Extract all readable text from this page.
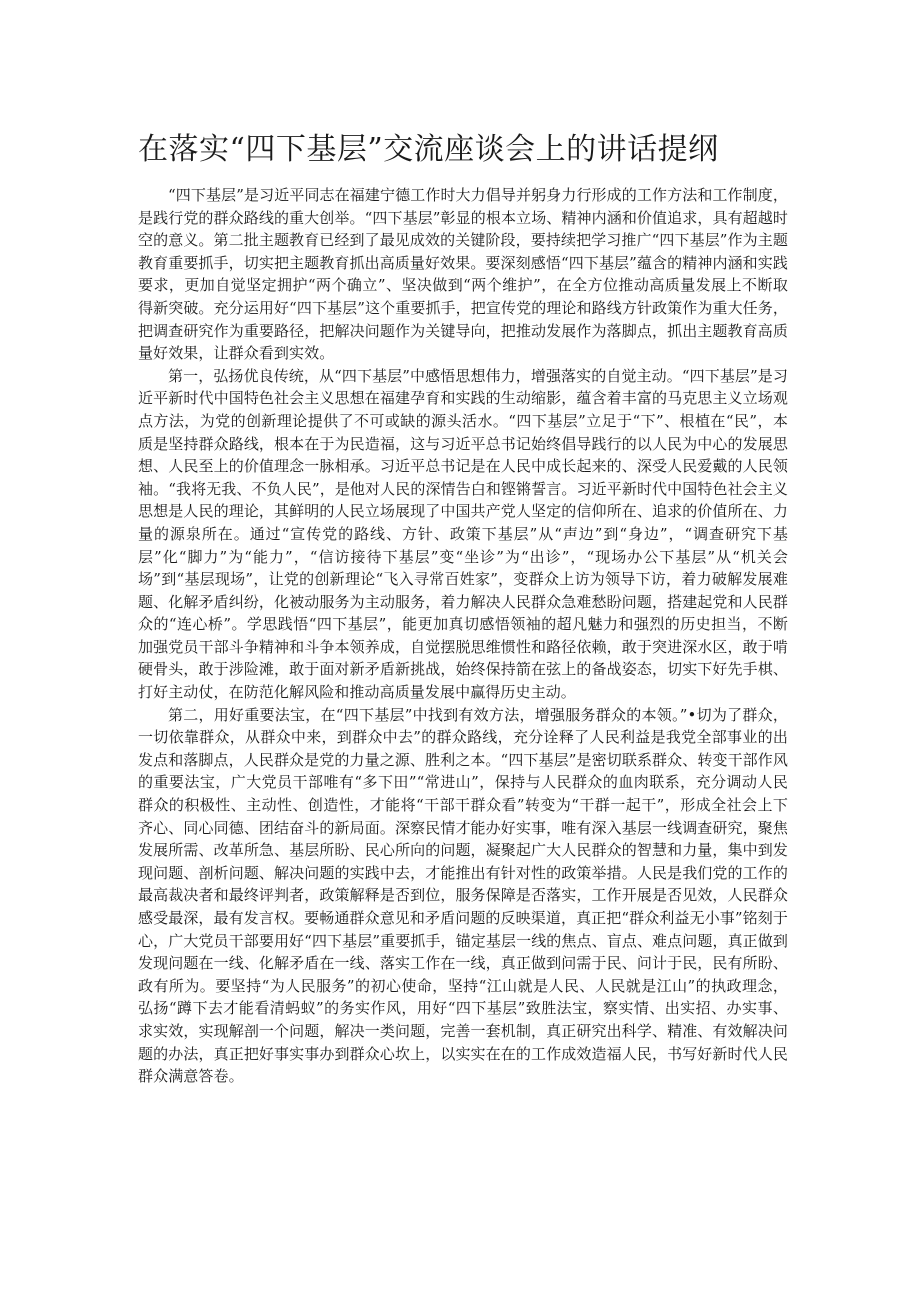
在落实“四下基层”交流座谈会上的讲话提纲

“四下基层”是习近平同志在福建宁德工作时大力倡导并躬身力行形成的工作方法和工作制度，是践行党的群众路线的重大创举。“四下基层”彰显的根本立场、精神内涵和价值追求，具有超越时空的意义。第二批主题教育已经到了最见成效的关键阶段，要持续把学习推广“四下基层”作为主题教育重要抓手，切实把主题教育抓出高质量好效果。要深刻感悟“四下基层”蕴含的精神内涵和实践要求，更加自觉坚定拥护“两个确立”、坚决做到“两个维护”，在全方位推动高质量发展上不断取得新突破。充分运用好“四下基层”这个重要抓手，把宣传党的理论和路线方针政策作为重大任务，把调查研究作为重要路径，把解决问题作为关键导向，把推动发展作为落脚点，抓出主题教育高质量好效果，让群众看到实效。

第一，弘扬优良传统，从“四下基层”中感悟思想伟力，增强落实的自觉主动。“四下基层”是习近平新时代中国特色社会主义思想在福建孕育和实践的生动缩影，蕴含着丰富的马克思主义立场观点方法，为党的创新理论提供了不可或缺的源头活水。“四下基层”立足于“下”、根植在“民”，本质是坚持群众路线，根本在于为民造福，这与习近平总书记始终倡导践行的以人民为中心的发展思想、人民至上的价值理念一脉相承。习近平总书记是在人民中成长起来的、深受人民爱戴的人民领袖。“我将无我、不负人民”，是他对人民的深情告白和铿锵誓言。习近平新时代中国特色社会主义思想是人民的理论，其鲜明的人民立场展现了中国共产党人坚定的信仰所在、追求的价值所在、力量的源泉所在。通过“宣传党的路线、方针、政策下基层”从“声边”到“身边”，“调查研究下基层”化“脚力”为“能力”，“信访接待下基层”变“坐诊”为“出诊”，“现场办公下基层”从“机关会场”到“基层现场”，让党的创新理论“飞入寻常百姓家”，变群众上访为领导下访，着力破解发展难题、化解矛盾纠纷，化被动服务为主动服务，着力解决人民群众急难愁盼问题，搭建起党和人民群众的“连心桥”。学思践悟“四下基层”，能更加真切感悟领袖的超凡魅力和强烈的历史担当，不断加强党员干部斗争精神和斗争本领养成，自觉摆脱思维惯性和路径依赖，敢于突进深水区，敢于啃硬骨头，敢于涉险滩，敢于面对新矛盾新挑战，始终保持箭在弦上的备战姿态，切实下好先手棋、打好主动仗，在防范化解风险和推动高质量发展中赢得历史主动。

第二，用好重要法宝，在“四下基层”中找到有效方法，增强服务群众的本领。”•切为了群众，一切依靠群众，从群众中来，到群众中去”的群众路线，充分诠释了人民利益是我党全部事业的出发点和落脚点，人民群众是党的力量之源、胜利之本。“四下基层”是密切联系群众、转变干部作风的重要法宝，广大党员干部唯有“多下田”“常进山”，保持与人民群众的血肉联系，充分调动人民群众的积极性、主动性、创造性，才能将“干部干群众看”转变为“干群一起干”，形成全社会上下齐心、同心同德、团结奋斗的新局面。深察民情才能办好实事，唯有深入基层一线调查研究，聚焦发展所需、改革所急、基层所盼、民心所向的问题，凝聚起广大人民群众的智慧和力量，集中到发现问题、剖析问题、解决问题的实践中去，才能推出有针对性的政策举措。人民是我们党的工作的最高裁决者和最终评判者，政策解释是否到位，服务保障是否落实，工作开展是否见效，人民群众感受最深，最有发言权。要畅通群众意见和矛盾问题的反映渠道，真正把“群众利益无小事”铭刻于心，广大党员干部要用好“四下基层”重要抓手，锚定基层一线的焦点、盲点、难点问题，真正做到发现问题在一线、化解矛盾在一线、落实工作在一线，真正做到问需于民、问计于民，民有所盼、政有所为。要坚持“为人民服务”的初心使命，坚持“江山就是人民、人民就是江山”的执政理念，弘扬“蹲下去才能看清蚂蚁”的务实作风，用好“四下基层”致胜法宝，察实情、出实招、办实事、求实效，实现解剖一个问题，解决一类问题，完善一套机制，真正研究出科学、精准、有效解决问题的办法，真正把好事实事办到群众心坎上，以实实在在的工作成效造福人民，书写好新时代人民群众满意答卷。
